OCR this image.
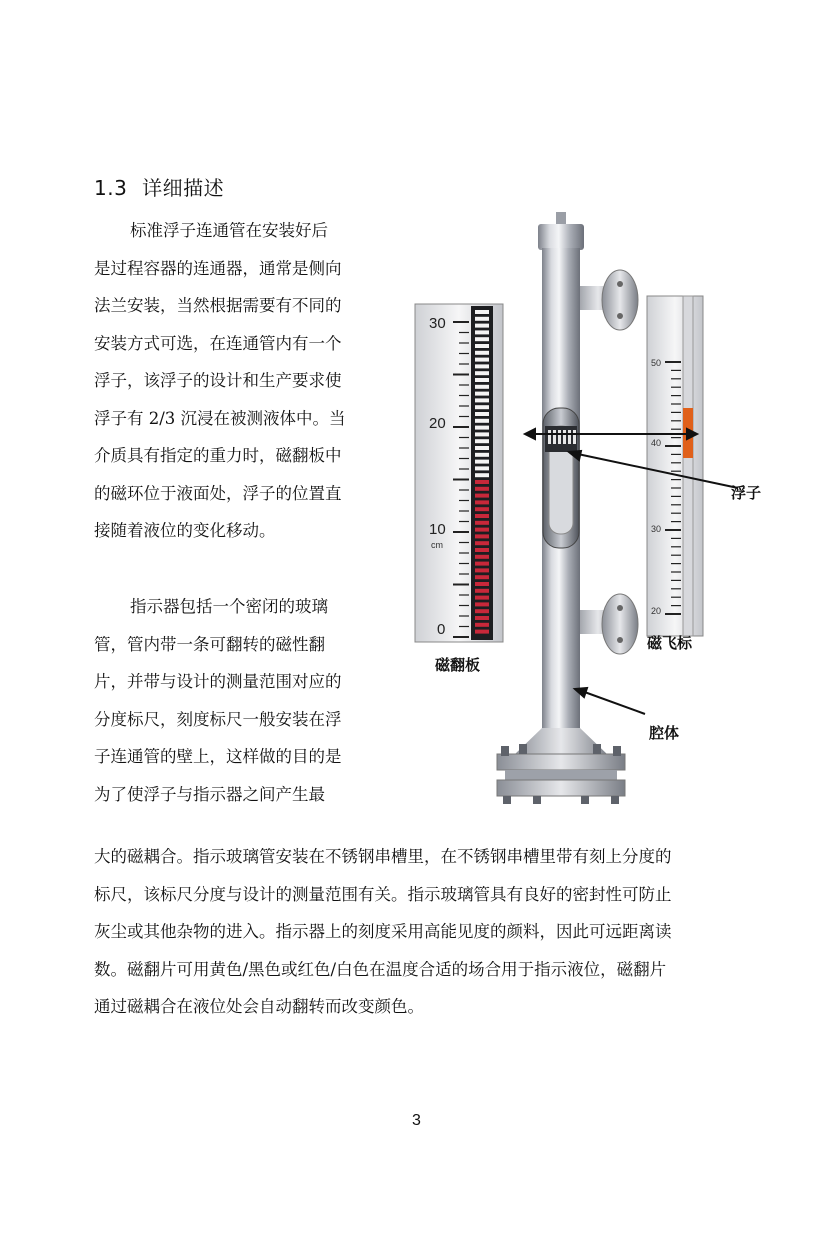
1.3 详细描述
标准浮子连通管在安装好后
是过程容器的连通器，通常是侧向
法兰安装，当然根据需要有不同的
安装方式可选，在连通管内有一个
浮子，该浮子的设计和生产要求使
浮子有 2/3 沉浸在被测液体中。当
介质具有指定的重力时，磁翻板中
的磁环位于液面处，浮子的位置直
接随着液位的变化移动。
指示器包括一个密闭的玻璃
管，管内带一条可翻转的磁性翻
片，并带与设计的测量范围对应的
分度标尺，刻度标尺一般安装在浮
子连通管的壁上，这样做的目的是
为了使浮子与指示器之间产生最
大的磁耦合。指示玻璃管安装在不锈钢串槽里，在不锈钢串槽里带有刻上分度的
标尺，该标尺分度与设计的测量范围有关。指示玻璃管具有良好的密封性可防止
灰尘或其他杂物的进入。指示器上的刻度采用高能见度的颜料，因此可远距离读
数。磁翻片可用黄色/黑色或红色/白色在温度合适的场合用于指示液位，磁翻片
通过磁耦合在液位处会自动翻转而改变颜色。
30
20
10
cm
0
磁翻板
50
40
30
20
磁飞标
浮子
腔体
3
